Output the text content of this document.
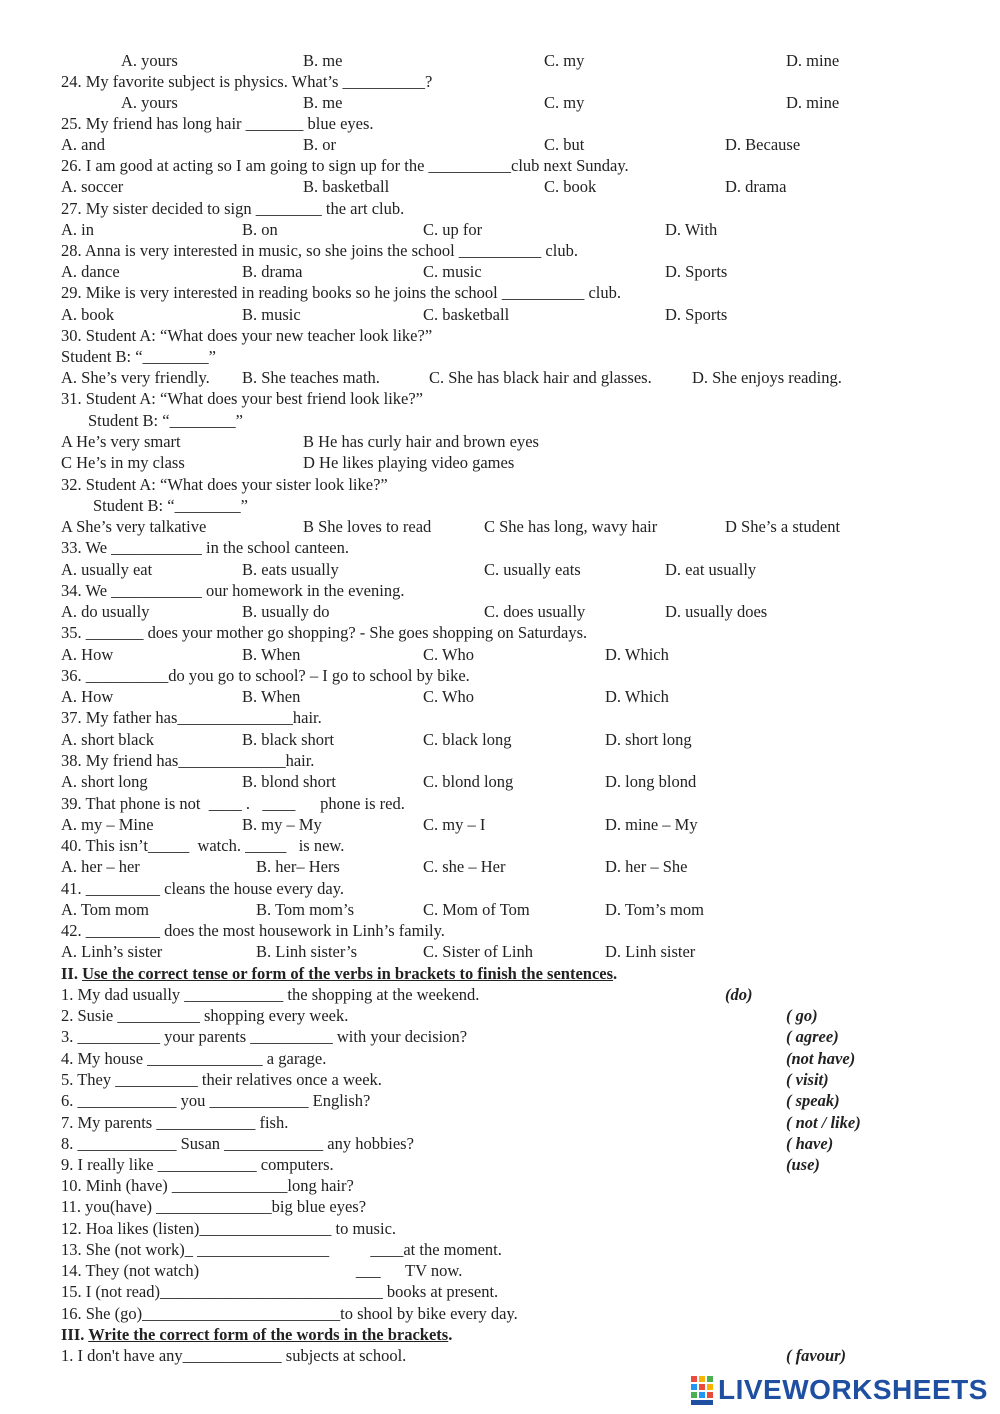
A. yours	B. me	C. my	D. mine
24. My favorite subject is physics. What’s __________?
A. yours	B. me	C. my	D. mine
25. My friend has long hair _______ blue eyes.
A. and	B. or	C. but	D. Because
26. I am good at acting so I am going to sign up for the __________club next Sunday.
A. soccer	B. basketball	C. book	D. drama
27. My sister decided to sign ________ the art club.
A. in	B. on	C. up for	D. With
28. Anna is very interested in music, so she joins the school __________ club.
A. dance	B. drama	C. music	D. Sports
29. Mike is very interested in reading books so he joins the school __________ club.
A. book	B. music	C. basketball	D. Sports
30. Student A: “What does your new teacher look like?”
Student B: “________”
A. She’s very friendly. B. She teaches math.	C. She has black hair and glasses. D. She enjoys reading.
31. Student A: “What does your best friend look like?”
Student B: “________”
A He’s very smart	B He has curly hair and brown eyes
C He’s in my class	D He likes playing video games
32. Student A: “What does your sister look like?”
Student B: “________”
A She’s very talkative	B She loves to read	C She has long, wavy hair	D She’s a student
33. We ___________ in the school canteen.
A. usually eat	B. eats usually	C. usually eats	D. eat usually
34. We ___________ our homework in the evening.
A. do usually	B. usually do	C. does usually	D. usually does
35. _______ does your mother go shopping? - She goes shopping on Saturdays.
A. How	B. When	C. Who	D. Which
36. __________do you go to school? – I go to school by bike.
A. How	B. When	C. Who	D. Which
37. My father has______________hair.
A. short black	B. black short	C. black long	D. short long
38. My friend has_____________hair.
A. short long	B. blond short	C. blond long	D. long blond
39. That phone is not  ____ .   ____      phone is red.
A. my – Mine	B. my – My	C. my – I	D. mine – My
40. This isn’t_____  watch. _____   is new.
A. her – her	B. her– Hers	C. she – Her	D. her – She
41. _________ cleans the house every day.
A. Tom mom	B. Tom mom’s	C. Mom of Tom	D. Tom’s mom
42. _________ does the most housework in Linh’s family.
A. Linh’s sister	B. Linh sister’s	C. Sister of Linh	D. Linh sister
II. Use the correct tense or form of the verbs in brackets to finish the sentences.
1. My dad usually ____________ the shopping at the weekend.	(do)
2. Susie __________ shopping every week.	( go)
3. __________ your parents __________ with your decision?	( agree)
4. My house ______________ a garage.	(not have)
5. They __________ their relatives once a week.	( visit)
6. ____________ you ____________ English?	( speak)
7. My parents ____________ fish.	( not / like)
8. ____________ Susan ____________ any hobbies?	( have)
9. I really like ____________ computers.	(use)
10. Minh (have) ______________long hair?
11. you(have) ______________big blue eyes?
12. Hoa likes (listen)________________ to music.
13. She (not work)_ ________________          ____at the moment.
14. They (not watch)                                      ___      TV now.
15. I (not read)___________________________ books at present.
16. She (go)________________________to shool by bike every day.
III. Write the correct form of the words in the brackets.
1. I don't have any____________ subjects at school.	( favour)
LIVEWORKSHEETS
